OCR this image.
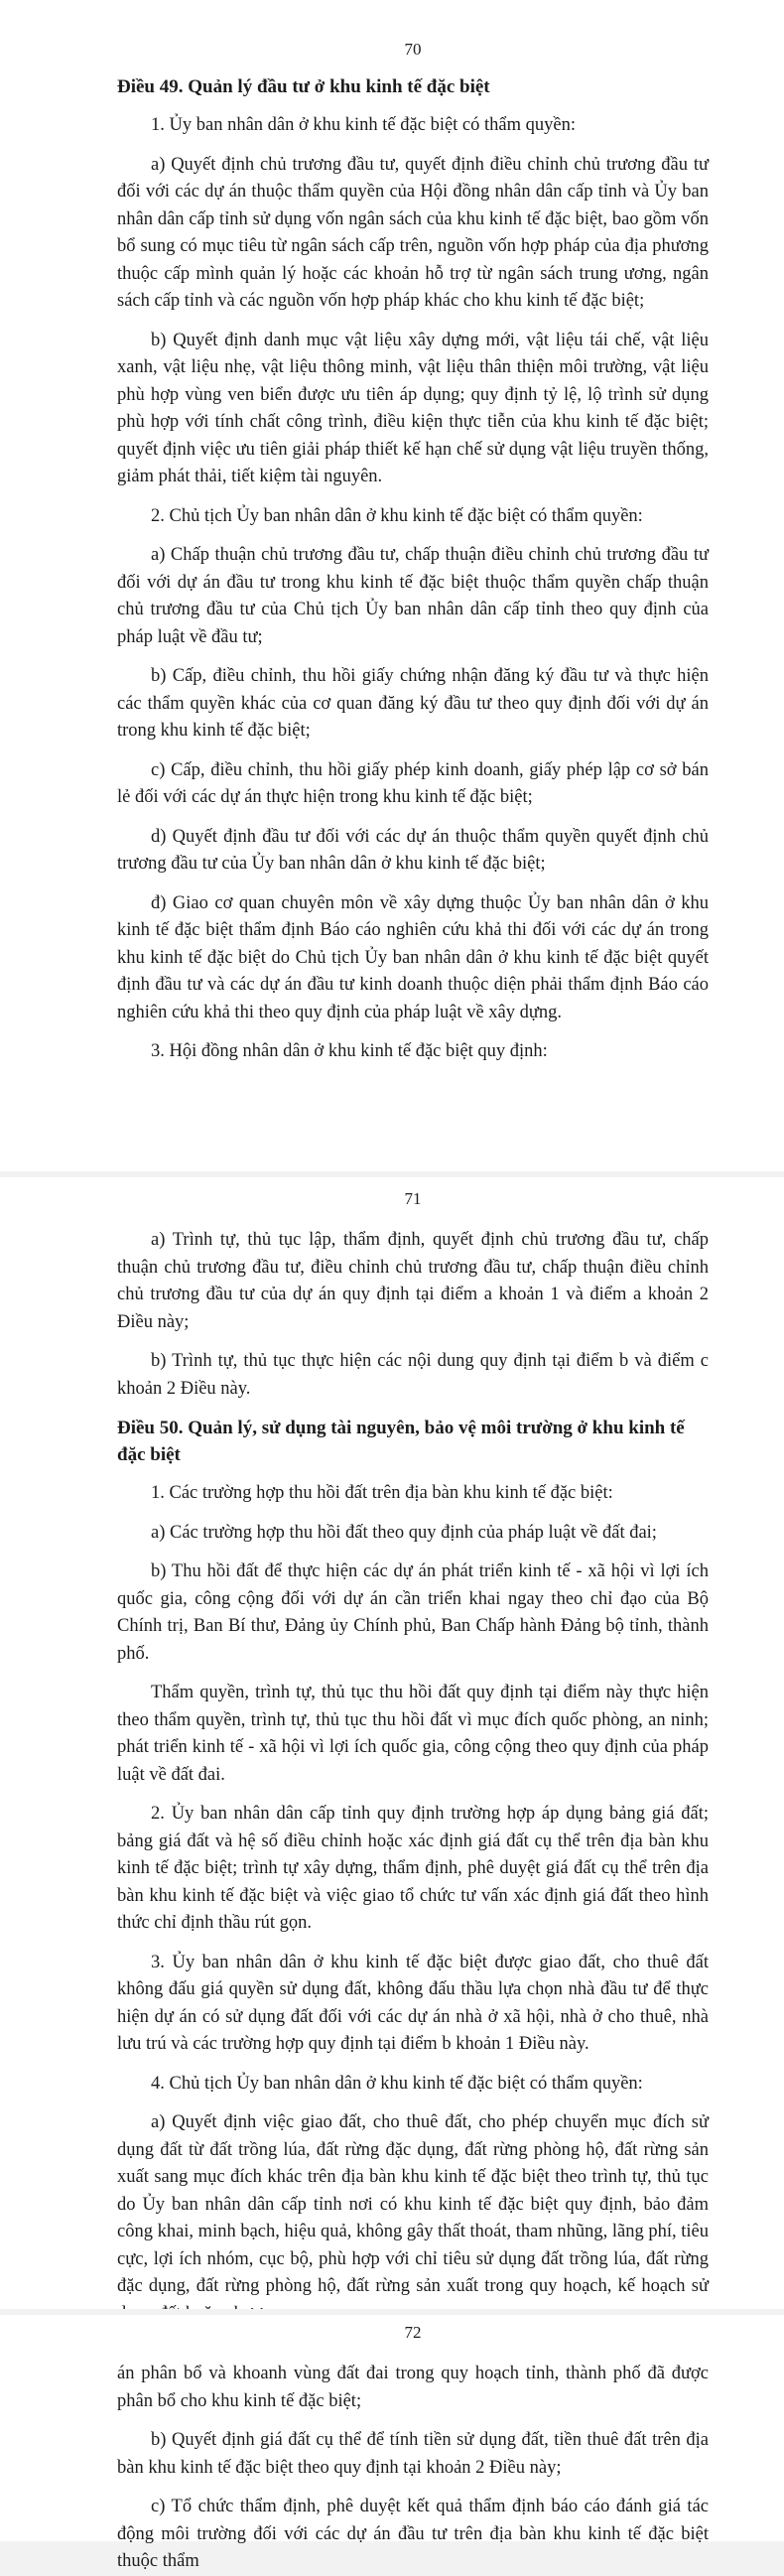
70
Điều 49. Quản lý đầu tư ở khu kinh tế đặc biệt

1. Ủy ban nhân dân ở khu kinh tế đặc biệt có thẩm quyền:

a) Quyết định chủ trương đầu tư, quyết định điều chỉnh chủ trương đầu tư đối với các dự án thuộc thẩm quyền của Hội đồng nhân dân cấp tỉnh và Ủy ban nhân dân cấp tỉnh sử dụng vốn ngân sách của khu kinh tế đặc biệt, bao gồm vốn bổ sung có mục tiêu từ ngân sách cấp trên, nguồn vốn hợp pháp của địa phương thuộc cấp mình quản lý hoặc các khoản hỗ trợ từ ngân sách trung ương, ngân sách cấp tỉnh và các nguồn vốn hợp pháp khác cho khu kinh tế đặc biệt;

b) Quyết định danh mục vật liệu xây dựng mới, vật liệu tái chế, vật liệu xanh, vật liệu nhẹ, vật liệu thông minh, vật liệu thân thiện môi trường, vật liệu phù hợp vùng ven biển được ưu tiên áp dụng; quy định tỷ lệ, lộ trình sử dụng phù hợp với tính chất công trình, điều kiện thực tiễn của khu kinh tế đặc biệt; quyết định việc ưu tiên giải pháp thiết kế hạn chế sử dụng vật liệu truyền thống, giảm phát thải, tiết kiệm tài nguyên.

2. Chủ tịch Ủy ban nhân dân ở khu kinh tế đặc biệt có thẩm quyền:

a) Chấp thuận chủ trương đầu tư, chấp thuận điều chỉnh chủ trương đầu tư đối với dự án đầu tư trong khu kinh tế đặc biệt thuộc thẩm quyền chấp thuận chủ trương đầu tư của Chủ tịch Ủy ban nhân dân cấp tỉnh theo quy định của pháp luật về đầu tư;

b) Cấp, điều chỉnh, thu hồi giấy chứng nhận đăng ký đầu tư và thực hiện các thẩm quyền khác của cơ quan đăng ký đầu tư theo quy định đối với dự án trong khu kinh tế đặc biệt;

c) Cấp, điều chỉnh, thu hồi giấy phép kinh doanh, giấy phép lập cơ sở bán lẻ đối với các dự án thực hiện trong khu kinh tế đặc biệt;

d) Quyết định đầu tư đối với các dự án thuộc thẩm quyền quyết định chủ trương đầu tư của Ủy ban nhân dân ở khu kinh tế đặc biệt;

đ) Giao cơ quan chuyên môn về xây dựng thuộc Ủy ban nhân dân ở khu kinh tế đặc biệt thẩm định Báo cáo nghiên cứu khả thi đối với các dự án trong khu kinh tế đặc biệt do Chủ tịch Ủy ban nhân dân ở khu kinh tế đặc biệt quyết định đầu tư và các dự án đầu tư kinh doanh thuộc diện phải thẩm định Báo cáo nghiên cứu khả thi theo quy định của pháp luật về xây dựng.

3. Hội đồng nhân dân ở khu kinh tế đặc biệt quy định:

71

a) Trình tự, thủ tục lập, thẩm định, quyết định chủ trương đầu tư, chấp thuận chủ trương đầu tư, điều chỉnh chủ trương đầu tư, chấp thuận điều chỉnh chủ trương đầu tư của dự án quy định tại điểm a khoản 1 và điểm a khoản 2 Điều này;

b) Trình tự, thủ tục thực hiện các nội dung quy định tại điểm b và điểm c khoản 2 Điều này.

Điều 50. Quản lý, sử dụng tài nguyên, bảo vệ môi trường ở khu kinh tế đặc biệt

1. Các trường hợp thu hồi đất trên địa bàn khu kinh tế đặc biệt:

a) Các trường hợp thu hồi đất theo quy định của pháp luật về đất đai;

b) Thu hồi đất để thực hiện các dự án phát triển kinh tế - xã hội vì lợi ích quốc gia, công cộng đối với dự án cần triển khai ngay theo chỉ đạo của Bộ Chính trị, Ban Bí thư, Đảng ủy Chính phủ, Ban Chấp hành Đảng bộ tỉnh, thành phố.

Thẩm quyền, trình tự, thủ tục thu hồi đất quy định tại điểm này thực hiện theo thẩm quyền, trình tự, thủ tục thu hồi đất vì mục đích quốc phòng, an ninh; phát triển kinh tế - xã hội vì lợi ích quốc gia, công cộng theo quy định của pháp luật về đất đai.

2. Ủy ban nhân dân cấp tỉnh quy định trường hợp áp dụng bảng giá đất; bảng giá đất và hệ số điều chỉnh hoặc xác định giá đất cụ thể trên địa bàn khu kinh tế đặc biệt; trình tự xây dựng, thẩm định, phê duyệt giá đất cụ thể trên địa bàn khu kinh tế đặc biệt và việc giao tổ chức tư vấn xác định giá đất theo hình thức chỉ định thầu rút gọn.

3. Ủy ban nhân dân ở khu kinh tế đặc biệt được giao đất, cho thuê đất không đấu giá quyền sử dụng đất, không đấu thầu lựa chọn nhà đầu tư để thực hiện dự án có sử dụng đất đối với các dự án nhà ở xã hội, nhà ở cho thuê, nhà lưu trú và các trường hợp quy định tại điểm b khoản 1 Điều này.

4. Chủ tịch Ủy ban nhân dân ở khu kinh tế đặc biệt có thẩm quyền:

a) Quyết định việc giao đất, cho thuê đất, cho phép chuyển mục đích sử dụng đất từ đất trồng lúa, đất rừng đặc dụng, đất rừng phòng hộ, đất rừng sản xuất sang mục đích khác trên địa bàn khu kinh tế đặc biệt theo trình tự, thủ tục do Ủy ban nhân dân cấp tỉnh nơi có khu kinh tế đặc biệt quy định, bảo đảm công khai, minh bạch, hiệu quả, không gây thất thoát, tham nhũng, lãng phí, tiêu cực, lợi ích nhóm, cục bộ, phù hợp với chỉ tiêu sử dụng đất trồng lúa, đất rừng đặc dụng, đất rừng phòng hộ, đất rừng sản xuất trong quy hoạch, kế hoạch sử

72

án phân bổ và khoanh vùng đất đai trong quy hoạch tỉnh, thành phố đã được phân bổ cho khu kinh tế đặc biệt;

b) Quyết định giá đất cụ thể để tính tiền sử dụng đất, tiền thuê đất trên địa bàn khu kinh tế đặc biệt theo quy định tại khoản 2 Điều này;

c) Tổ chức thẩm định, phê duyệt kết quả thẩm định báo cáo đánh giá tác động môi trường đối với các dự án đầu tư trên địa bàn khu kinh tế đặc biệt thuộc thẩm
